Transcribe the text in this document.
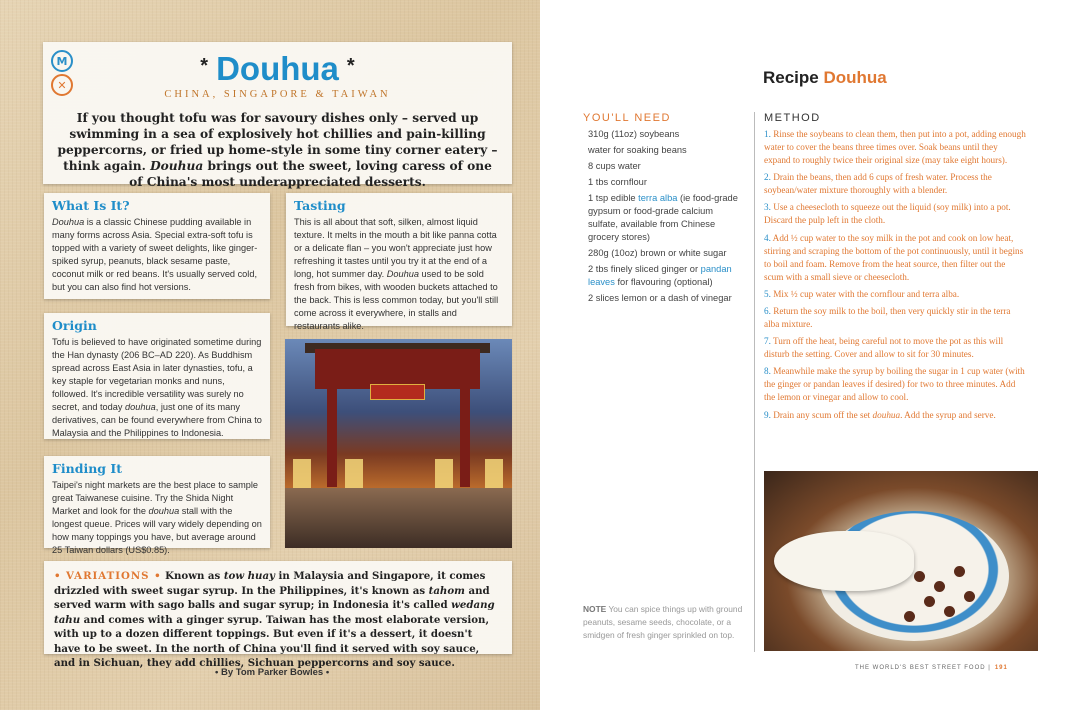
M
✕
* Douhua *
CHINA, SINGAPORE & TAIWAN

If you thought tofu was for savoury dishes only – served up swimming in a sea of explosively hot chillies and pain-killing peppercorns, or fried up home-style in some tiny corner eatery – think again. Douhua brings out the sweet, loving caress of one of China's most underappreciated desserts.

What Is It?

Douhua is a classic Chinese pudding available in many forms across Asia. Special extra-soft tofu is topped with a variety of sweet delights, like ginger-spiked syrup, peanuts, black sesame paste, coconut milk or red beans. It's usually served cold, but you can also find hot versions.

Tasting

This is all about that soft, silken, almost liquid texture. It melts in the mouth a bit like panna cotta or a delicate flan – you won't appreciate just how refreshing it tastes until you try it at the end of a long, hot summer day. Douhua used to be sold fresh from bikes, with wooden buckets attached to the back. This is less common today, but you'll still come across it everywhere, in stalls and restaurants alike.

Origin

Tofu is believed to have originated sometime during the Han dynasty (206 BC–AD 220). As Buddhism spread across East Asia in later dynasties, tofu, a key staple for vegetarian monks and nuns, followed. It's incredible versatility was surely no secret, and today douhua, just one of its many derivatives, can be found everywhere from China to Malaysia and the Philippines to Indonesia.

Finding It

Taipei's night markets are the best place to sample great Taiwanese cuisine. Try the Shida Night Market and look for the douhua stall with the longest queue. Prices will vary widely depending on how many toppings you have, but average around 25 Taiwan dollars (US$0.85).

• VARIATIONS • Known as tow huay in Malaysia and Singapore, it comes drizzled with sweet sugar syrup. In the Philippines, it's known as tahom and served warm with sago balls and sugar syrup; in Indonesia it's called wedang tahu and comes with a ginger syrup. Taiwan has the most elaborate version, with up to a dozen different toppings. But even if it's a dessert, it doesn't have to be sweet. In the north of China you'll find it served with soy sauce, and in Sichuan, they add chillies, Sichuan peppercorns and soy sauce.

• By Tom Parker Bowles •
Recipe Douhua
YOU'LL NEED
310g (11oz) soybeans
water for soaking beans
8 cups water
1 tbs cornflour
1 tsp edible terra alba (ie food-grade gypsum or food-grade calcium sulfate, available from Chinese grocery stores)
280g (10oz) brown or white sugar
2 tbs finely sliced ginger or pandan leaves for flavouring (optional)
2 slices lemon or a dash of vinegar
METHOD
1. Rinse the soybeans to clean them, then put into a pot, adding enough water to cover the beans three times over. Soak beans until they expand to roughly twice their original size (may take eight hours).
2. Drain the beans, then add 6 cups of fresh water. Process the soybean/water mixture thoroughly with a blender.
3. Use a cheesecloth to squeeze out the liquid (soy milk) into a pot. Discard the pulp left in the cloth.
4. Add ½ cup water to the soy milk in the pot and cook on low heat, stirring and scraping the bottom of the pot continuously, until it begins to boil and foam. Remove from the heat source, then filter out the scum with a small sieve or cheesecloth.
5. Mix ½ cup water with the cornflour and terra alba.
6. Return the soy milk to the boil, then very quickly stir in the terra alba mixture.
7. Turn off the heat, being careful not to move the pot as this will disturb the setting. Cover and allow to sit for 30 minutes.
8. Meanwhile make the syrup by boiling the sugar in 1 cup water (with the ginger or pandan leaves if desired) for two to three minutes. Add the lemon or vinegar and allow to cool.
9. Drain any scum off the set douhua. Add the syrup and serve.

NOTE You can spice things up with ground peanuts, sesame seeds, chocolate, or a smidgen of fresh ginger sprinkled on top.

THE WORLD'S BEST STREET FOOD | 191
